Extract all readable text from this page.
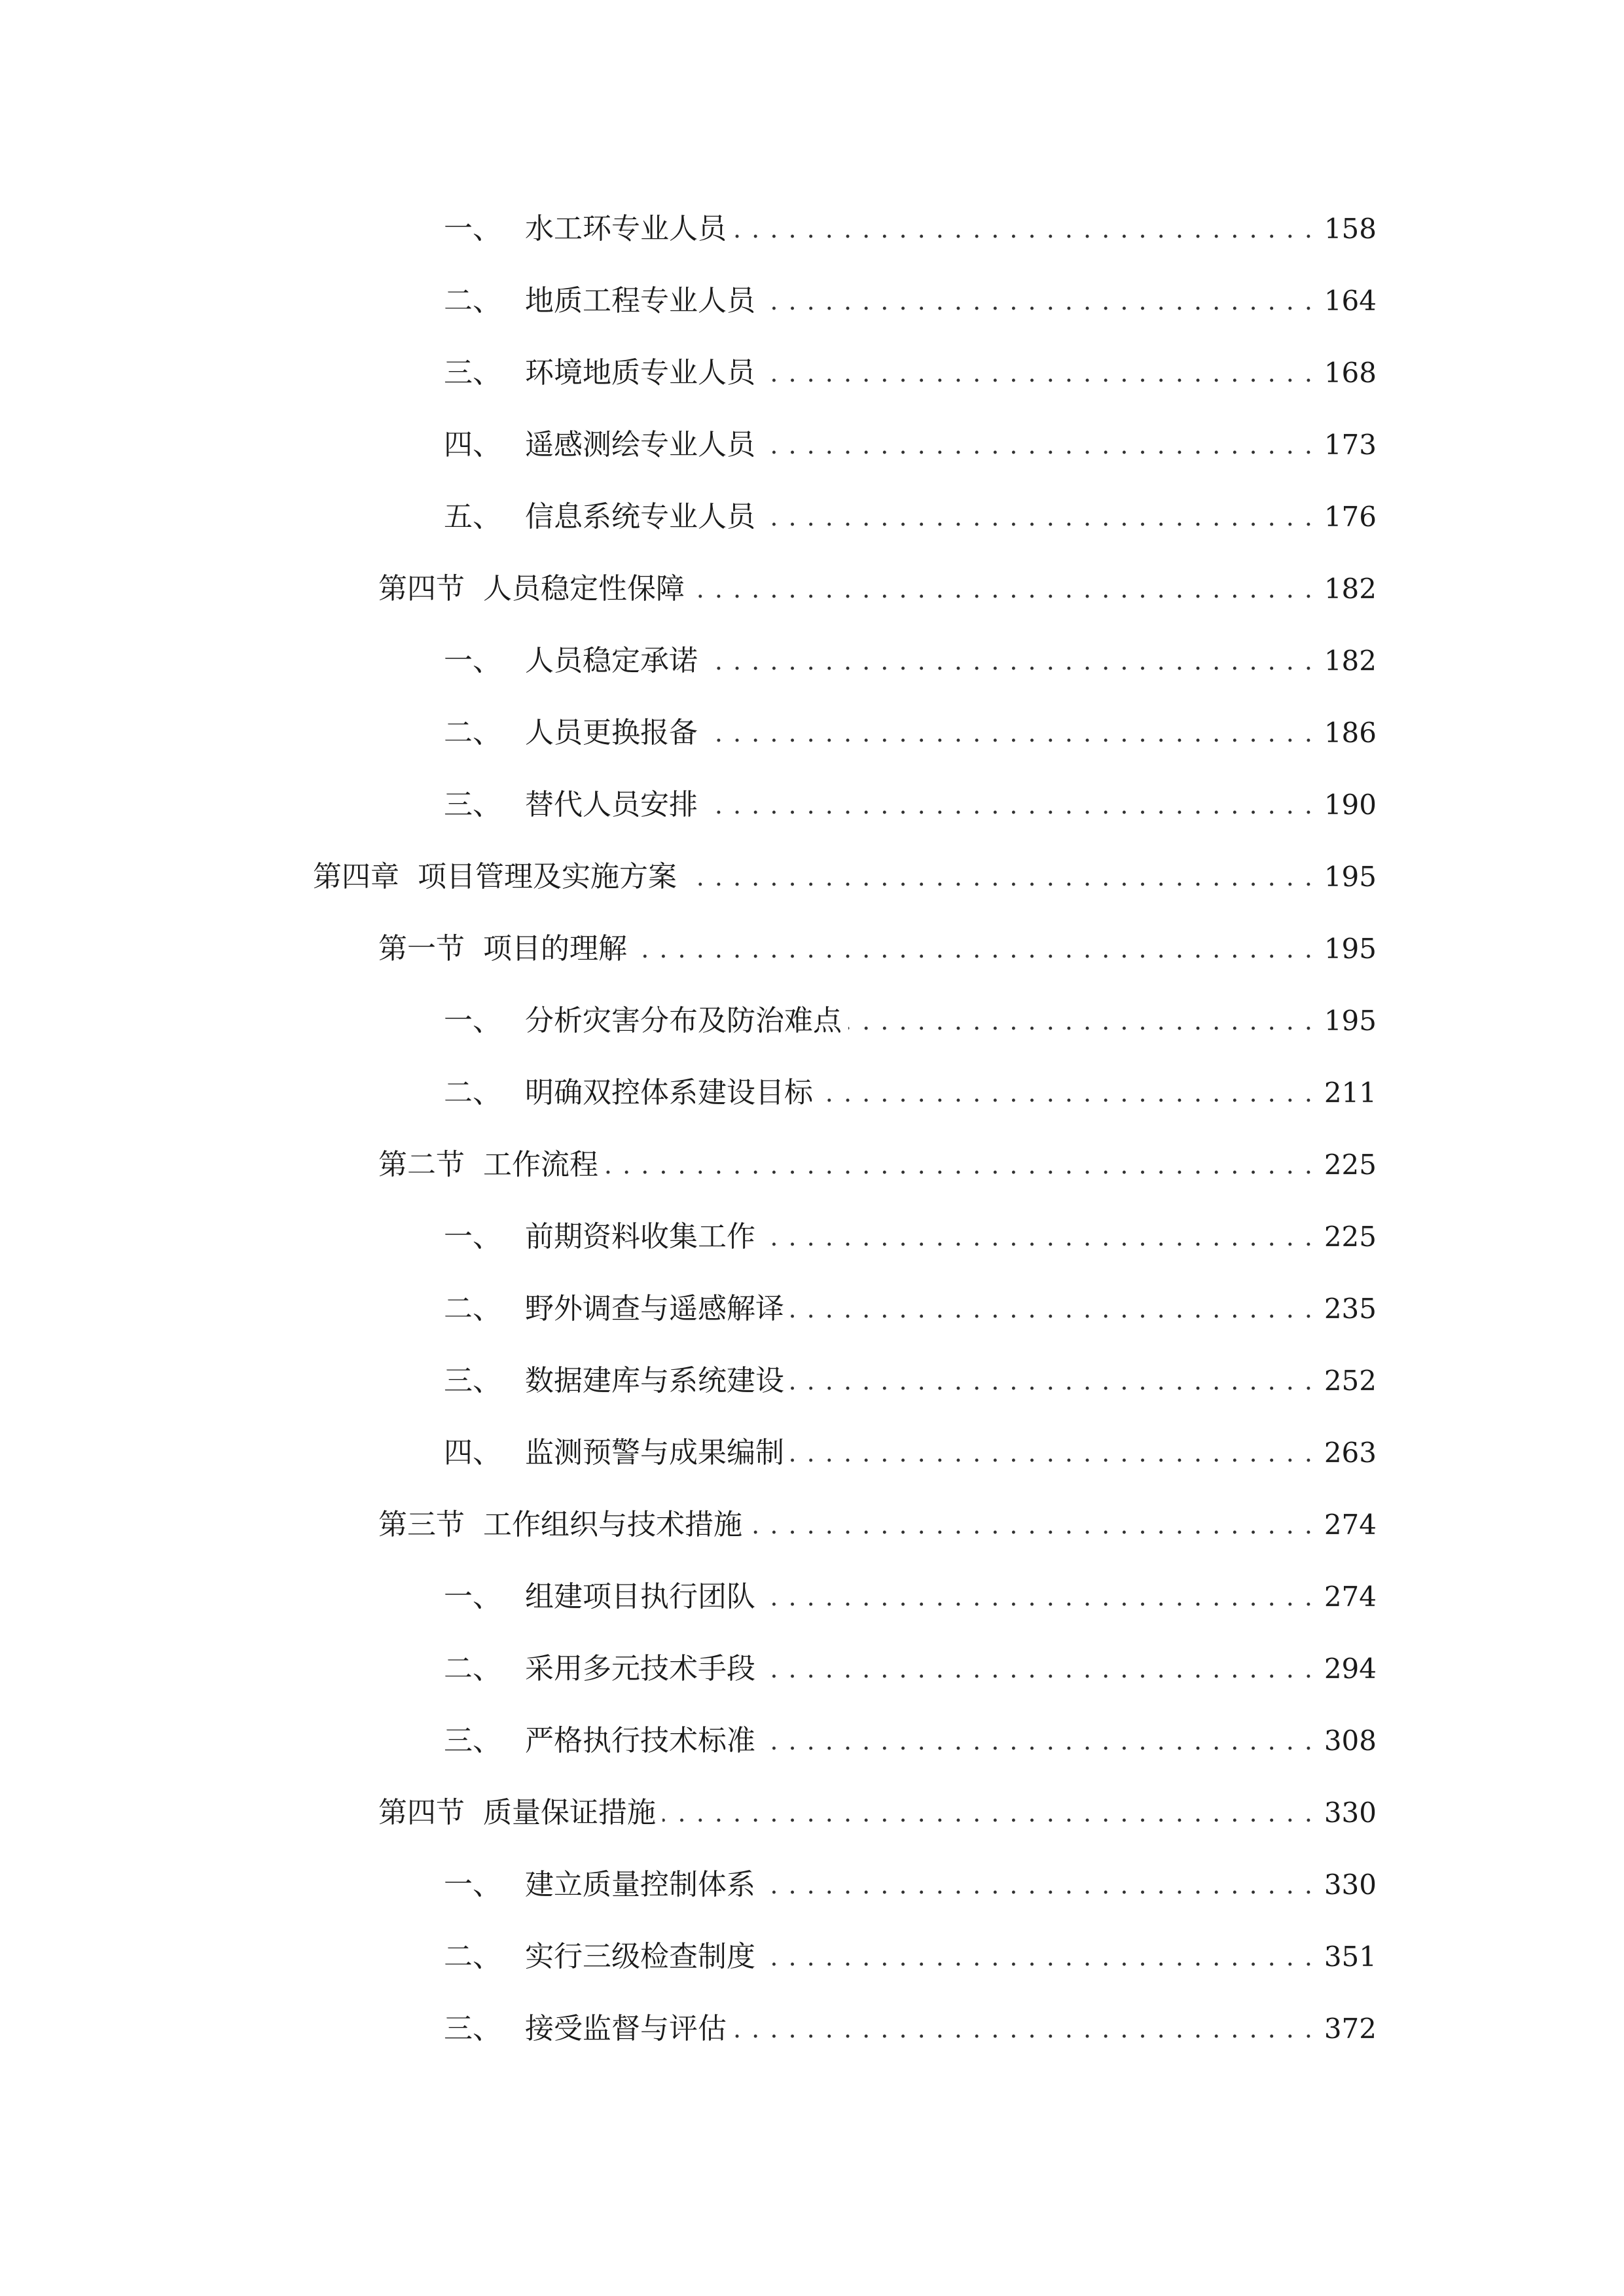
一、 水工环专业人员 . . .	158
二、 地质工程专业人员 . . .	164
三、 环境地质专业人员 . . .	168
四、 遥感测绘专业人员 . . .	173
五、 信息系统专业人员 . . .	176
第四节 人员稳定性保障 . . .	182
一、 人员稳定承诺 . . .	182
二、 人员更换报备 . . .	186
三、 替代人员安排 . . .	190
第四章 项目管理及实施方案 . . .	195
第一节 项目的理解 . . .	195
一、 分析灾害分布及防治难点 . . .	195
二、 明确双控体系建设目标 . . .	211
第二节 工作流程 . . .	225
一、 前期资料收集工作 . . .	225
二、 野外调查与遥感解译 . . .	235
三、 数据建库与系统建设 . . .	252
四、 监测预警与成果编制 . . .	263
第三节 工作组织与技术措施 . . .	274
一、 组建项目执行团队 . . .	274
二、 采用多元技术手段 . . .	294
三、 严格执行技术标准 . . .	308
第四节 质量保证措施 . . .	330
一、 建立质量控制体系 . . .	330
二、 实行三级检查制度 . . .	351
三、 接受监督与评估 . . .	372
